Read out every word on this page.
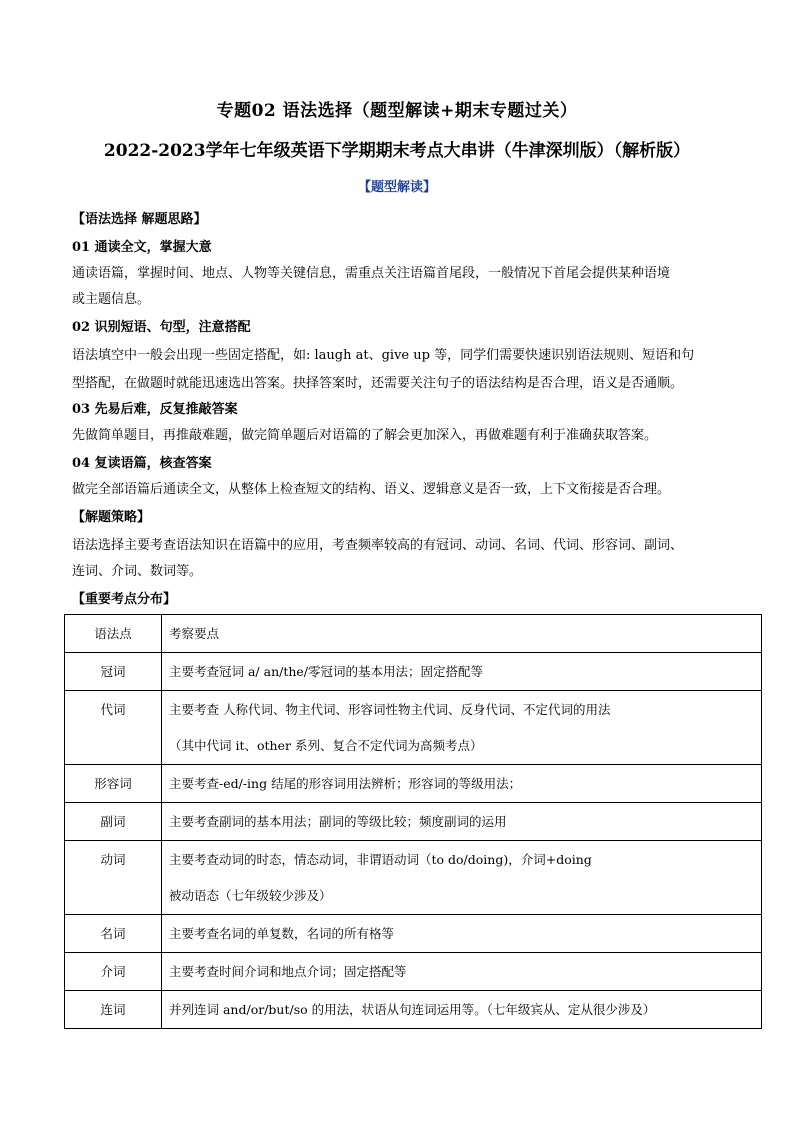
专题02 语法选择（题型解读+期末专题过关）
2022-2023学年七年级英语下学期期末考点大串讲（牛津深圳版）（解析版）
【题型解读】
【语法选择 解题思路】
01 通读全文，掌握大意
通读语篇，掌握时间、地点、人物等关键信息，需重点关注语篇首尾段，一般情况下首尾会提供某种语境
或主题信息。
02 识别短语、句型，注意搭配
语法填空中一般会出现一些固定搭配，如: laugh at、give up 等，同学们需要快速识别语法规则、短语和句
型搭配，在做题时就能迅速选出答案。抉择答案时，还需要关注句子的语法结构是否合理，语义是否通顺。
03 先易后难，反复推敲答案
先做简单题目，再推敲难题，做完简单题后对语篇的了解会更加深入，再做难题有利于准确获取答案。
04 复读语篇，核查答案
做完全部语篇后通读全文，从整体上检查短文的结构、语义、逻辑意义是否一致，上下文衔接是否合理。
【解题策略】
语法选择主要考查语法知识在语篇中的应用，考查频率较高的有冠词、动词、名词、代词、形容词、副词、
连词、介词、数词等。
【重要考点分布】
语法点	考察要点
冠词	主要考查冠词 a/ an/the/零冠词的基本用法；固定搭配等
代词	主要考查 人称代词、物主代词、形容词性物主代词、反身代词、不定代词的用法
（其中代词 it、other 系列、复合不定代词为高频考点）

形容词	主要考查-ed/-ing 结尾的形容词用法辨析；形容词的等级用法；
副词	主要考查副词的基本用法；副词的等级比较；频度副词的运用
动词	主要考查动词的时态，情态动词，非谓语动词（to do/doing)，介词+doing
被动语态（七年级较少涉及）

名词	主要考查名词的单复数，名词的所有格等
介词	主要考查时间介词和地点介词；固定搭配等
连词	并列连词 and/or/but/so 的用法，状语从句连词运用等。（七年级宾从、定从很少涉及）
